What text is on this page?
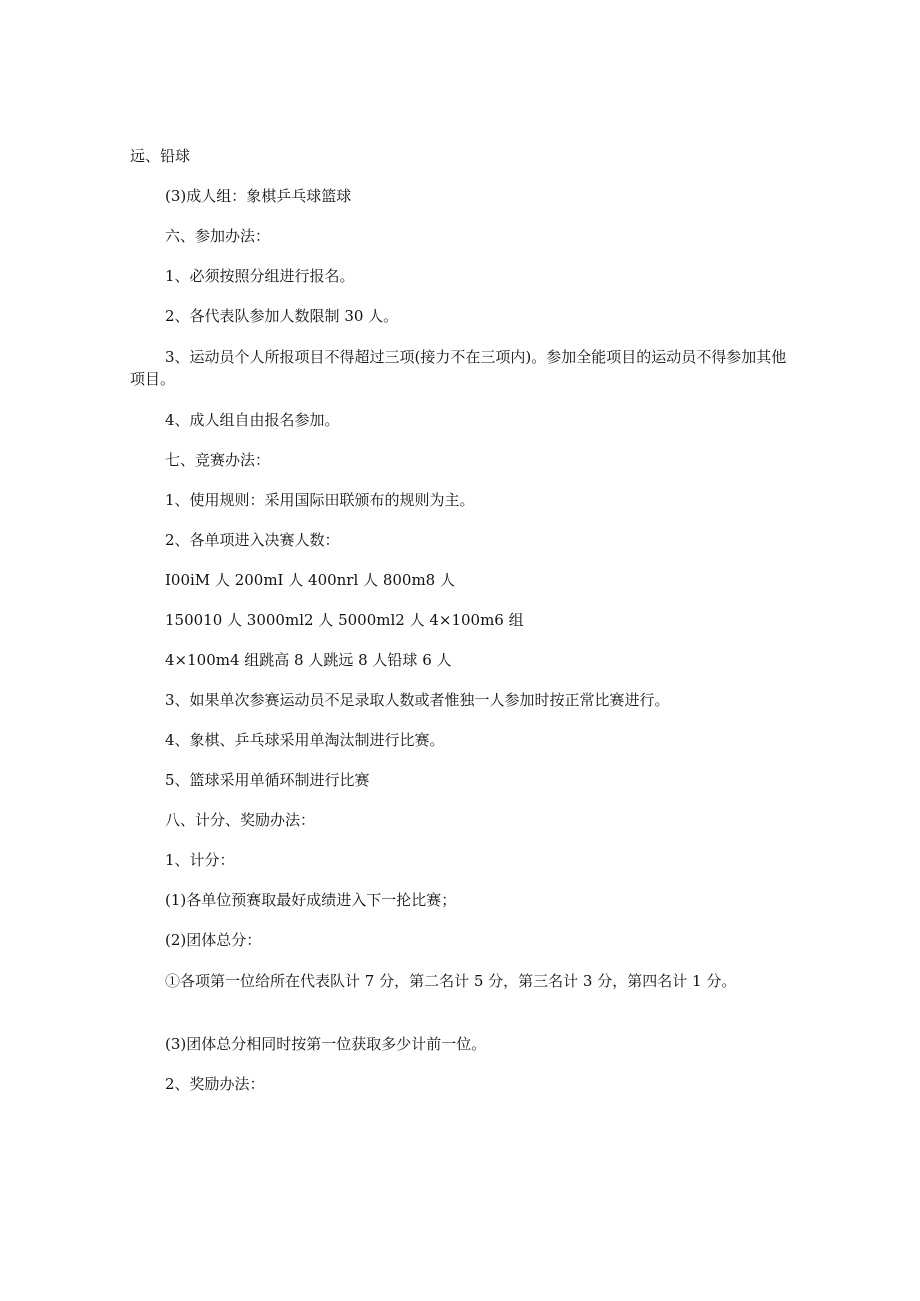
远、铅球

(3)成人组：象棋乒乓球篮球

六、参加办法：

1、必须按照分组进行报名。

2、各代表队参加人数限制 30 人。

3、运动员个人所报项目不得超过三项(接力不在三项内)。参加全能项目的运动员不得参加其他项目。

4、成人组自由报名参加。

七、竞赛办法：

1、使用规则：采用国际田联颁布的规则为主。

2、各单项进入决赛人数：

I00iM 人 200mI 人 400nrl 人 800m8 人

150010 人 3000ml2 人 5000ml2 人 4×100m6 组

4×100m4 组跳高 8 人跳远 8 人铅球 6 人

3、如果单次参赛运动员不足录取人数或者惟独一人参加时按正常比赛进行。

4、象棋、乒乓球采用单淘汰制进行比赛。

5、篮球采用单循环制进行比赛

八、计分、奖励办法：

1、计分：

(1)各单位预赛取最好成绩进入下一抡比赛；

(2)团体总分：

①各项第一位给所在代表队计 7 分，第二名计 5 分，第三名计 3 分，第四名计 1 分。

(3)团体总分相同时按第一位获取多少计前一位。

2、奖励办法：
